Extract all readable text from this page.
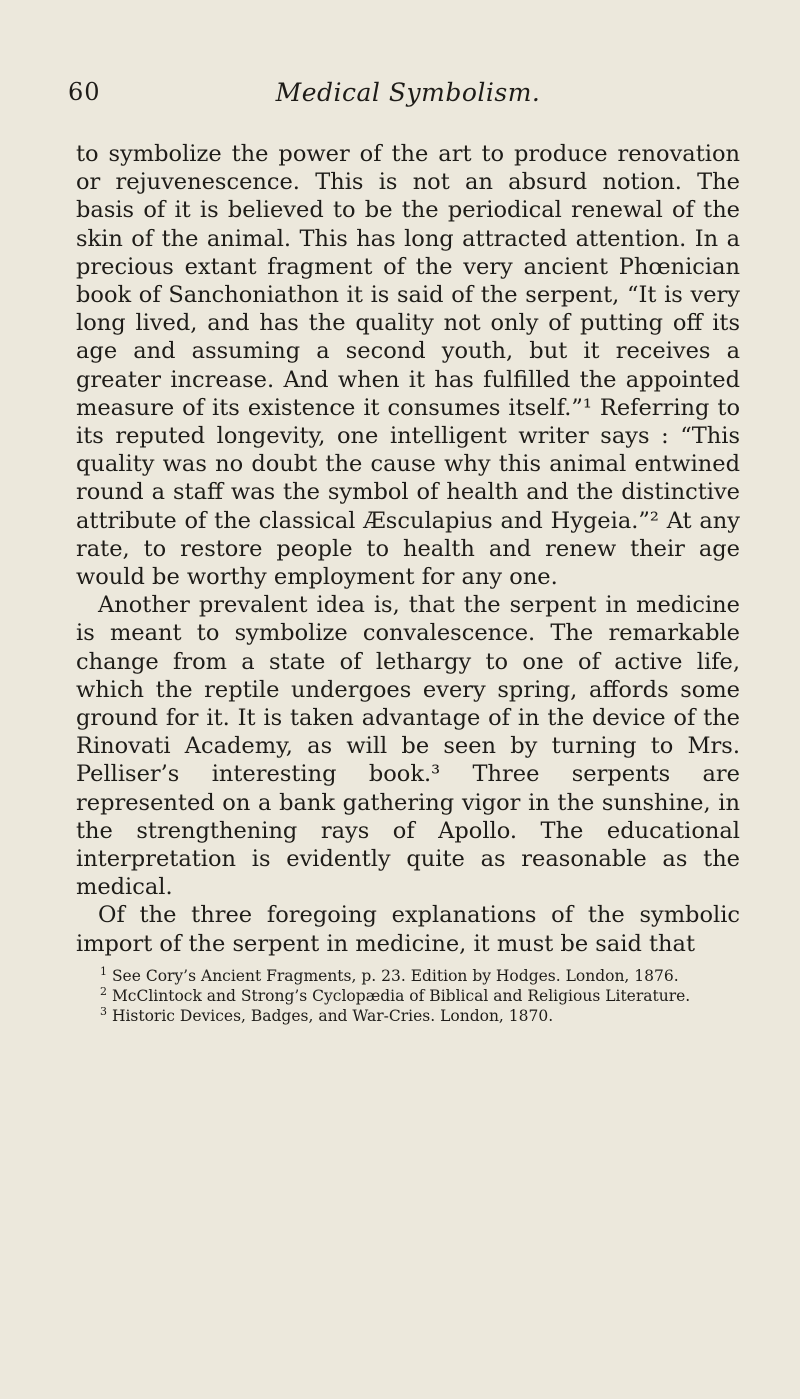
60	Medical Symbolism.

to symbolize the power of the art to produce renovation or rejuvenescence. This is not an absurd notion. The basis of it is believed to be the periodical renewal of the skin of the animal. This has long attracted attention. In a precious extant fragment of the very ancient Phœnician book of Sanchoniathon it is said of the serpent, “It is very long lived, and has the quality not only of putting off its age and assuming a second youth, but it receives a greater increase. And when it has fulfilled the appointed measure of its existence it consumes itself.”¹ Referring to its reputed longevity, one intelligent writer says : “This quality was no doubt the cause why this animal entwined round a staff was the symbol of health and the distinctive attribute of the classical Æsculapius and Hygeia.”² At any rate, to restore people to health and renew their age would be worthy employment for any one.

Another prevalent idea is, that the serpent in medicine is meant to symbolize convalescence. The remarkable change from a state of lethargy to one of active life, which the reptile undergoes every spring, affords some ground for it. It is taken advantage of in the device of the Rinovati Academy, as will be seen by turning to Mrs. Pelliser’s interesting book.³ Three serpents are represented on a bank gathering vigor in the sunshine, in the strengthening rays of Apollo. The educational interpretation is evidently quite as reasonable as the medical.

Of the three foregoing explanations of the symbolic import of the serpent in medicine, it must be said that

$^1$ See Cory’s Ancient Fragments, p. 23. Edition by Hodges. London, 1876.

$^2$ McClintock and Strong’s Cyclopædia of Biblical and Religious Literature.

$^3$ Historic Devices, Badges, and War-Cries. London, 1870.
